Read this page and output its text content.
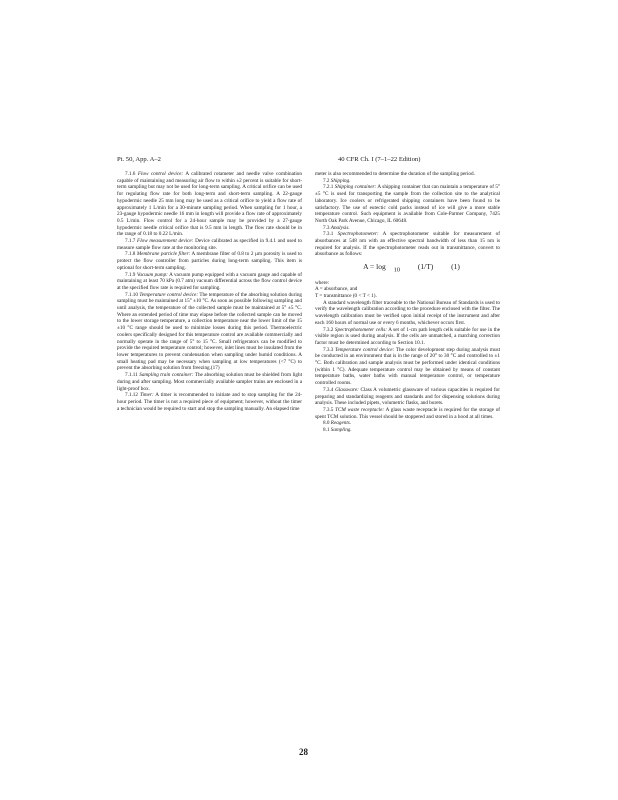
Pt. 50, App. A–2	40 CFR Ch. I (7–1–22 Edition)

7.1.6 Flow control device: A calibrated rotameter and needle valve combination capable of maintaining and measuring air flow to within ±2 percent is suitable for short-term sampling but may not be used for long-term sampling. A critical orifice can be used for regulating flow rate for both long-term and short-term sampling. A 22-gauge hypodermic needle 25 mm long may be used as a critical orifice to yield a flow rate of approximately 1 L/min for a 30-minute sampling period. When sampling for 1 hour, a 23-gauge hypodermic needle 16 mm in length will provide a flow rate of approximately 0.5 L/min. Flow control for a 24-hour sample may be provided by a 27-gauge hypodermic needle critical orifice that is 9.5 mm in length. The flow rate should be in the range of 0.18 to 0.22 L/min.

7.1.7 Flow measurement device: Device calibrated as specified in 9.4.1 and used to measure sample flow rate at the monitoring site.

7.1.8 Membrane particle filter: A membrane filter of 0.8 to 2 µm porosity is used to protect the flow controller from particles during long-term sampling. This item is optional for short-term sampling.

7.1.9 Vacuum pump: A vacuum pump equipped with a vacuum gauge and capable of maintaining at least 70 kPa (0.7 atm) vacuum differential across the flow control device at the specified flow rate is required for sampling.

7.1.10 Temperature control device: The temperature of the absorbing solution during sampling must be maintained at 15° ±10 °C. As soon as possible following sampling and until analysis, the temperature of the collected sample must be maintained at 5° ±5 °C. Where an extended period of time may elapse before the collected sample can be moved to the lower storage temperature, a collection temperature near the lower limit of the 15 ±10 °C range should be used to minimize losses during this period. Thermoelectric coolers specifically designed for this temperature control are available commercially and normally operate in the range of 5° to 15 °C. Small refrigerators can be modified to provide the required temperature control; however, inlet lines must be insulated from the lower temperatures to prevent condensation when sampling under humid conditions. A small heating pad may be necessary when sampling at low temperatures (<7 °C) to prevent the absorbing solution from freezing.(17)

7.1.11 Sampling train container: The absorbing solution must be shielded from light during and after sampling. Most commercially available sampler trains are enclosed in a light-proof box.

7.1.12 Timer: A timer is recommended to initiate and to stop sampling for the 24-hour period. The timer is not a required piece of equipment; however, without the timer a technician would be required to start and stop the sampling manually. An elapsed time

meter is also recommended to determine the duration of the sampling period.

7.2 Shipping.

7.2.1 Shipping container: A shipping container that can maintain a temperature of 5° ±5 °C is used for transporting the sample from the collection site to the analytical laboratory. Ice coolers or refrigerated shipping containers have been found to be satisfactory. The use of eutectic cold packs instead of ice will give a more stable temperature control. Such equipment is available from Cole-Parmer Company, 7425 North Oak Park Avenue, Chicago, IL 60648.

7.3 Analysis.

7.3.1 Spectrophotometer: A spectrophotometer suitable for measurement of absorbances at 548 nm with an effective spectral bandwidth of less than 15 nm is required for analysis. If the spectrophotometer reads out in transmittance, convert to absorbance as follows:

A = log $_{10}$ (1/T) (1)

where:

A = absorbance, and

T = transmittance (0 < T < 1).

A standard wavelength filter traceable to the National Bureau of Standards is used to verify the wavelength calibration according to the procedure enclosed with the filter. The wavelength calibration must be verified upon initial receipt of the instrument and after each 160 hours of normal use or every 6 months, whichever occurs first.

7.3.2 Spectrophotometer cells: A set of 1-cm path length cells suitable for use in the visible region is used during analysis. If the cells are unmatched, a matching correction factor must be determined according to Section 10.1.

7.3.3 Temperature control device: The color development step during analysis must be conducted in an environment that is in the range of 20° to 30 °C and controlled to ±1 °C. Both calibration and sample analysis must be performed under identical conditions (within 1 °C). Adequate temperature control may be obtained by means of constant temperature baths, water baths with manual temperature control, or temperature controlled rooms.

7.3.4 Glassware: Class A volumetric glassware of various capacities is required for preparing and standardizing reagents and standards and for dispensing solutions during analysis. These included pipets, volumetric flasks, and burets.

7.3.5 TCM waste receptacle: A glass waste receptacle is required for the storage of spent TCM solution. This vessel should be stoppered and stored in a hood at all times.

8.0 Reagents.

8.1 Sampling.

28
